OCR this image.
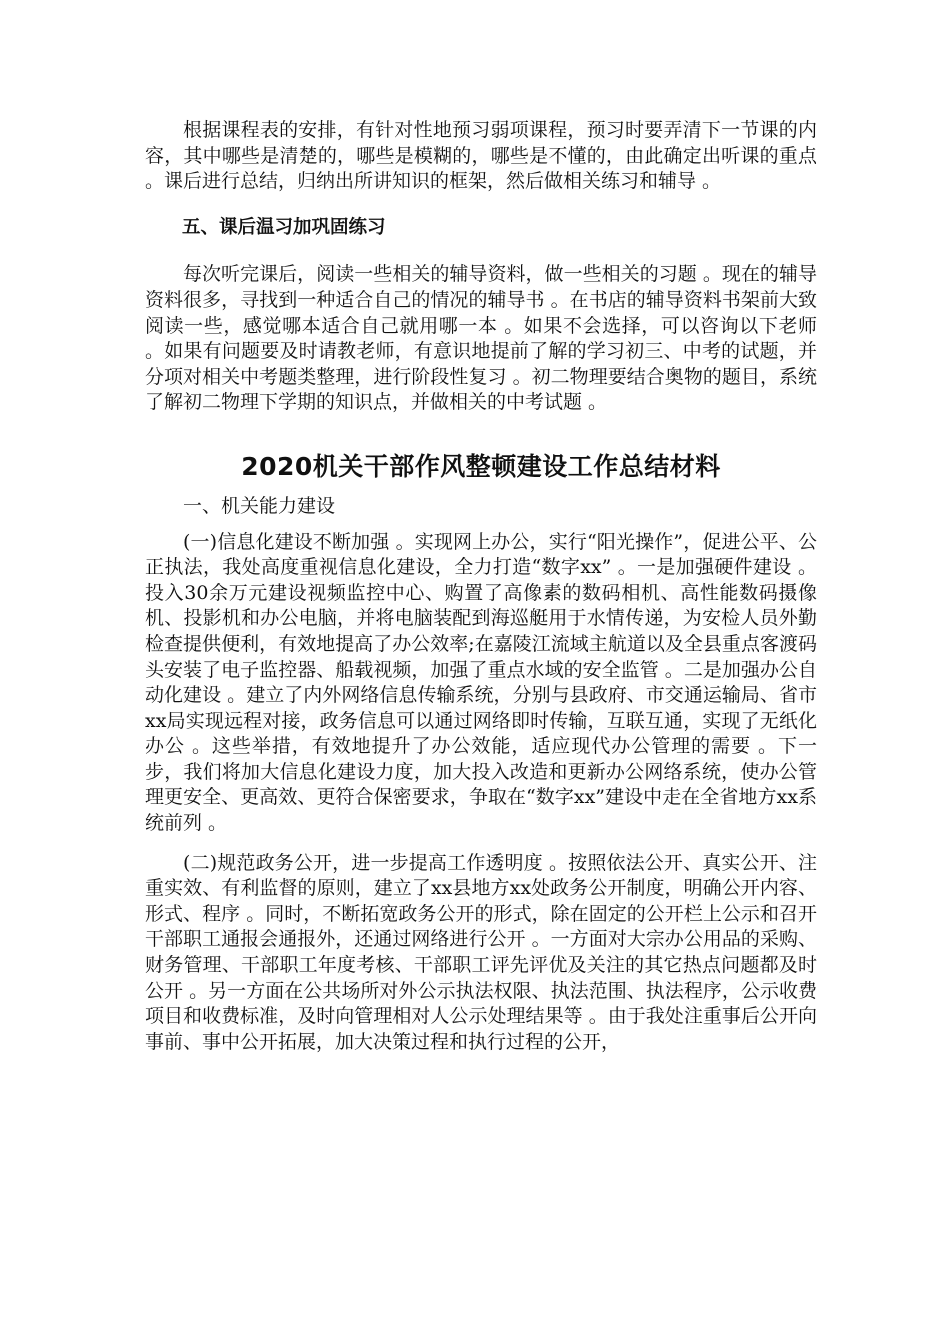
根据课程表的安排，有针对性地预习弱项课程，预习时要弄清下一节课的内容，其中哪些是清楚的，哪些是模糊的，哪些是不懂的，由此确定出听课的重点 。课后进行总结，归纳出所讲知识的框架，然后做相关练习和辅导 。

五、课后温习加巩固练习

每次听完课后，阅读一些相关的辅导资料，做一些相关的习题 。现在的辅导资料很多，寻找到一种适合自己的情况的辅导书 。在书店的辅导资料书架前大致阅读一些，感觉哪本适合自己就用哪一本 。如果不会选择，可以咨询以下老师 。如果有问题要及时请教老师，有意识地提前了解的学习初三、中考的试题，并分项对相关中考题类整理，进行阶段性复习 。初二物理要结合奥物的题目，系统了解初二物理下学期的知识点，并做相关的中考试题 。

2020机关干部作风整顿建设工作总结材料

一、机关能力建设

(一)信息化建设不断加强 。实现网上办公，实行“阳光操作”，促进公平、公正执法，我处高度重视信息化建设，全力打造“数字xx” 。一是加强硬件建设 。投入30余万元建设视频监控中心、购置了高像素的数码相机、高性能数码摄像机、投影机和办公电脑，并将电脑装配到海巡艇用于水情传递，为安检人员外勤检查提供便利，有效地提高了办公效率;在嘉陵江流域主航道以及全县重点客渡码头安装了电子监控器、船载视频，加强了重点水域的安全监管 。二是加强办公自动化建设 。建立了内外网络信息传输系统，分别与县政府、市交通运输局、省市xx局实现远程对接，政务信息可以通过网络即时传输，互联互通，实现了无纸化办公 。这些举措，有效地提升了办公效能，适应现代办公管理的需要 。下一步，我们将加大信息化建设力度，加大投入改造和更新办公网络系统，使办公管理更安全、更高效、更符合保密要求，争取在“数字xx”建设中走在全省地方xx系统前列 。

(二)规范政务公开，进一步提高工作透明度 。按照依法公开、真实公开、注重实效、有利监督的原则，建立了xx县地方xx处政务公开制度，明确公开内容、形式、程序 。同时，不断拓宽政务公开的形式，除在固定的公开栏上公示和召开干部职工通报会通报外，还通过网络进行公开 。一方面对大宗办公用品的采购、财务管理、干部职工年度考核、干部职工评先评优及关注的其它热点问题都及时公开 。另一方面在公共场所对外公示执法权限、执法范围、执法程序，公示收费项目和收费标准，及时向管理相对人公示处理结果等 。由于我处注重事后公开向事前、事中公开拓展，加大决策过程和执行过程的公开，
